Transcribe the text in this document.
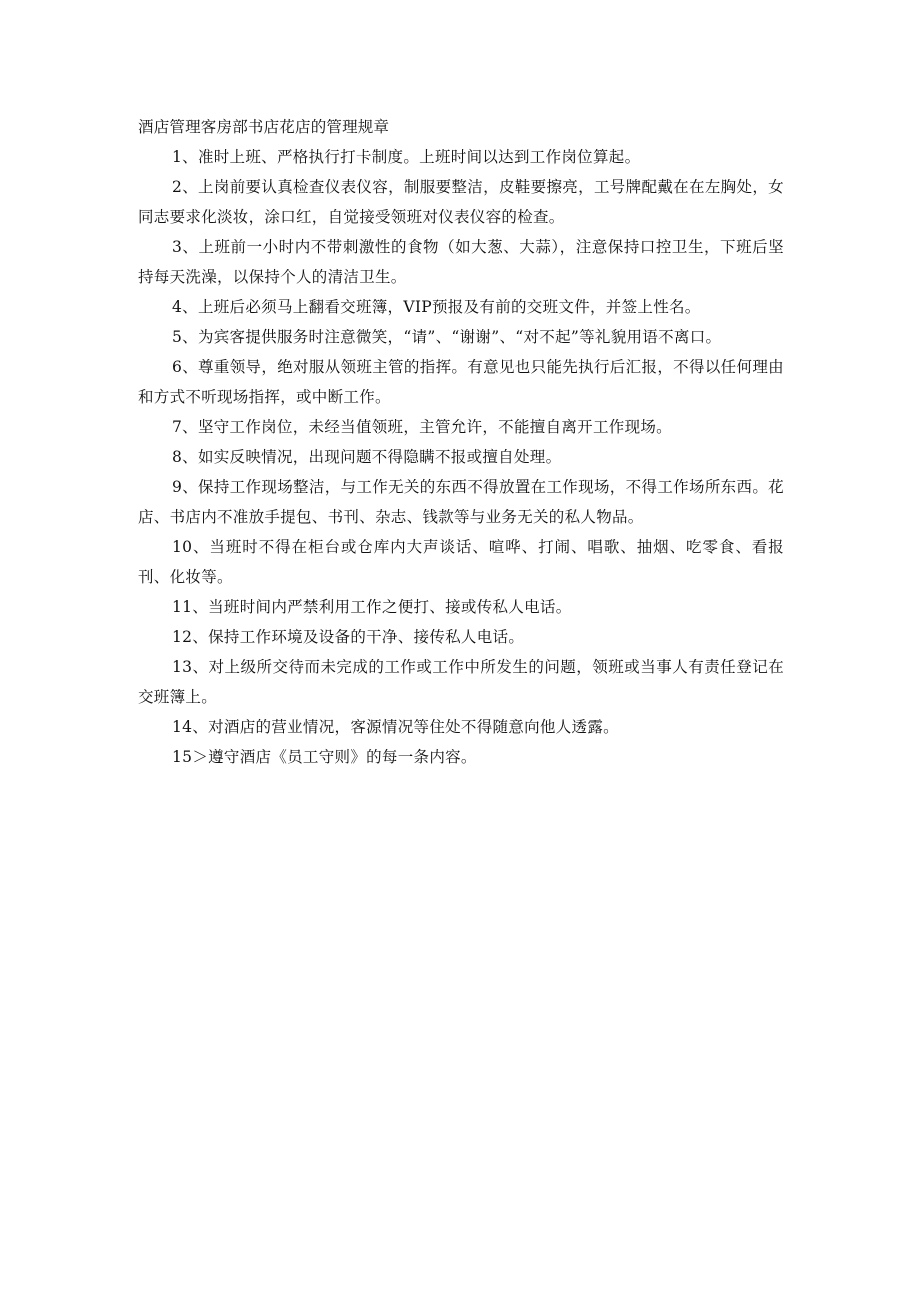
酒店管理客房部书店花店的管理规章

1、准时上班、严格执行打卡制度。上班时间以达到工作岗位算起。

2、上岗前要认真检查仪表仪容，制服要整洁，皮鞋要擦亮，工号牌配戴在在左胸处，女同志要求化淡妆，涂口红，自觉接受领班对仪表仪容的检查。

3、上班前一小时内不带刺激性的食物（如大葱、大蒜），注意保持口控卫生，下班后坚持每天洗澡，以保持个人的清洁卫生。

4、上班后必须马上翻看交班簿，VIP预报及有前的交班文件，并签上性名。

5、为宾客提供服务时注意微笑，“请”、“谢谢”、“对不起”等礼貌用语不离口。

6、尊重领导，绝对服从领班主管的指挥。有意见也只能先执行后汇报，不得以任何理由和方式不听现场指挥，或中断工作。

7、坚守工作岗位，未经当值领班，主管允许，不能擅自离开工作现场。

8、如实反映情况，出现问题不得隐瞒不报或擅自处理。

9、保持工作现场整洁，与工作无关的东西不得放置在工作现场，不得工作场所东西。花店、书店内不准放手提包、书刊、杂志、钱款等与业务无关的私人物品。

10、当班时不得在柜台或仓库内大声谈话、喧哗、打闹、唱歌、抽烟、吃零食、看报刊、化妆等。

11、当班时间内严禁利用工作之便打、接或传私人电话。

12、保持工作环境及设备的干净、接传私人电话。

13、对上级所交待而未完成的工作或工作中所发生的问题，领班或当事人有责任登记在交班簿上。

14、对酒店的营业情况，客源情况等住处不得随意向他人透露。

15＞遵守酒店《员工守则》的每一条内容。
